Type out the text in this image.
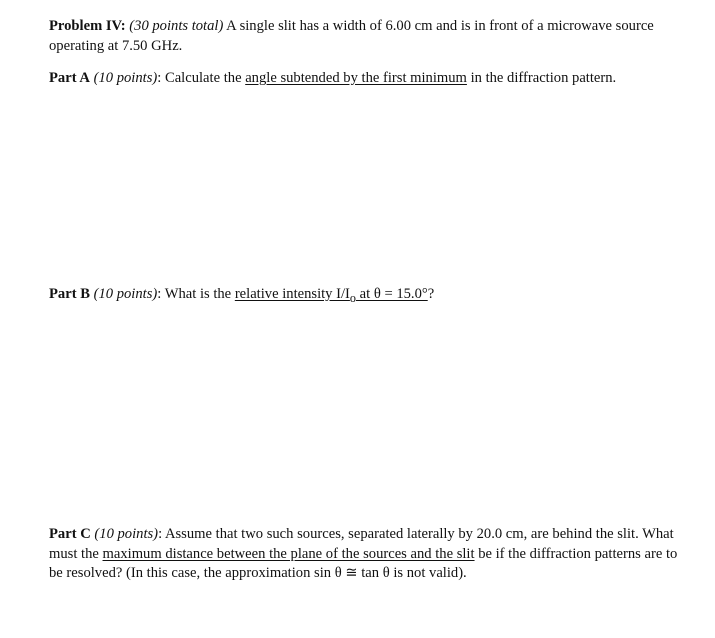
Problem IV: (30 points total) A single slit has a width of 6.00 cm and is in front of a microwave source operating at 7.50 GHz.

Part A (10 points): Calculate the angle subtended by the first minimum in the diffraction pattern.

Part B (10 points): What is the relative intensity $I/I_o$ at θ = 15.0°?

Part C (10 points): Assume that two such sources, separated laterally by 20.0 cm, are behind the slit. What must the maximum distance between the plane of the sources and the slit be if the diffraction patterns are to be resolved? (In this case, the approximation sin θ ≅ tan θ is not valid).
